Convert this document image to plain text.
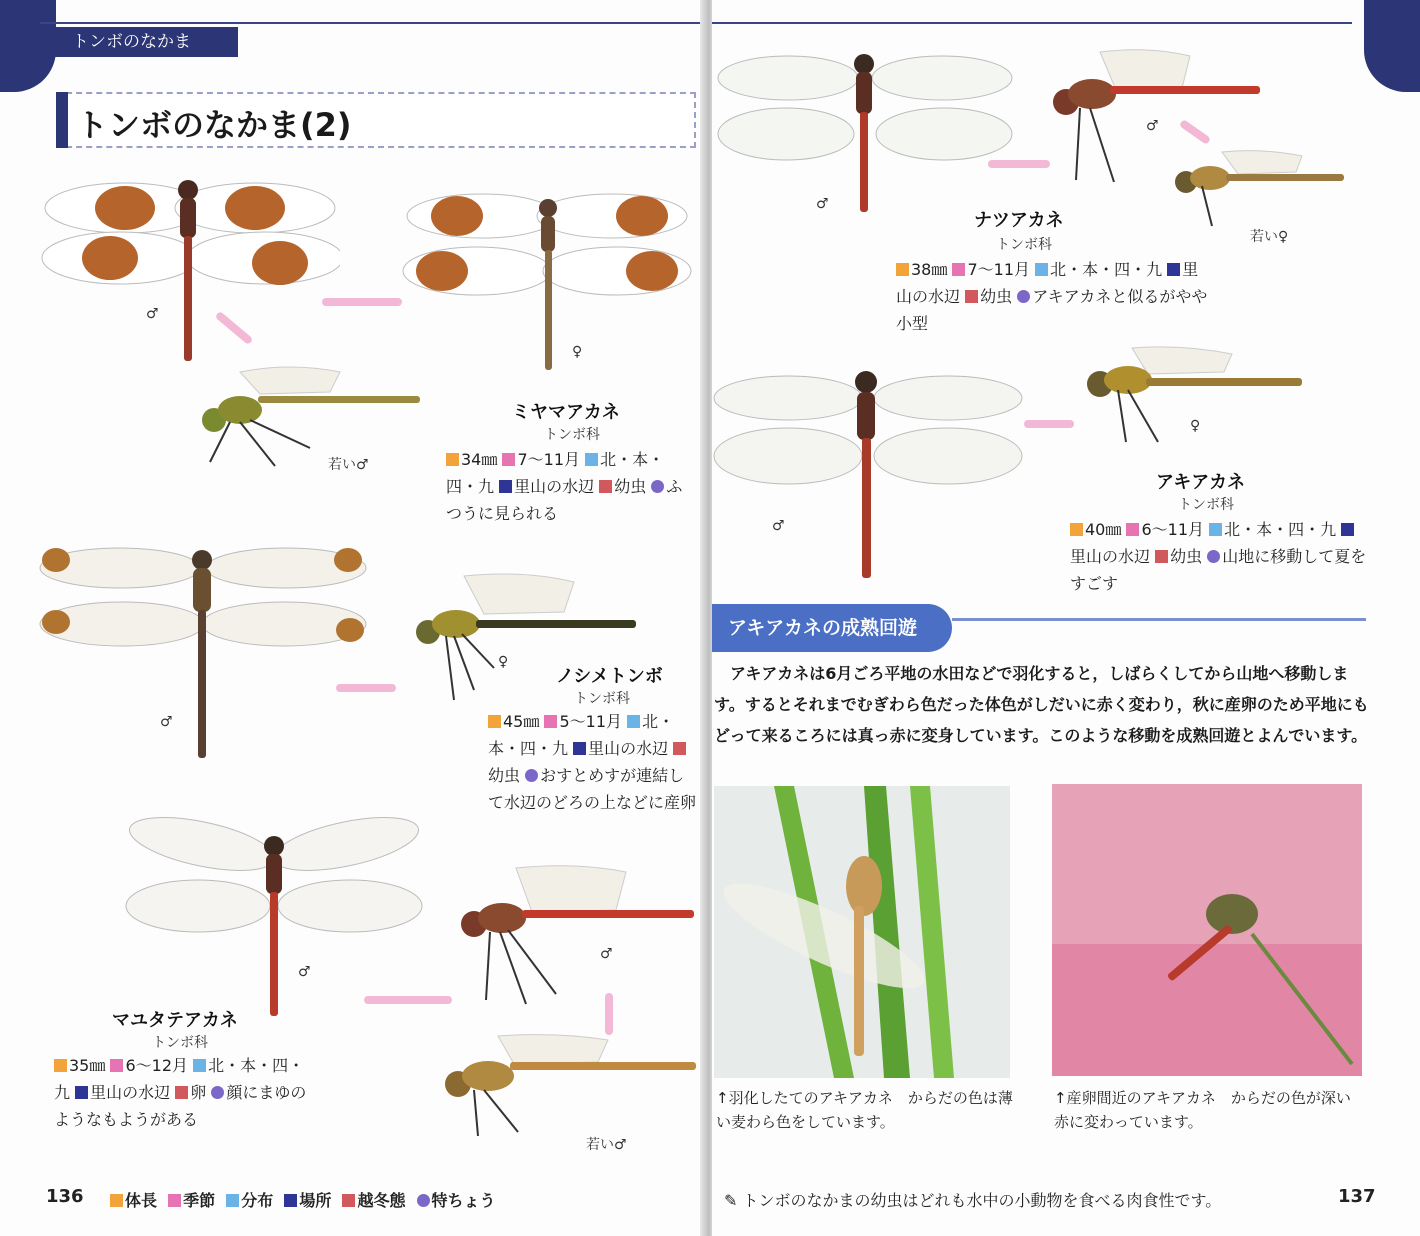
トンボのなかま
トンボのなかま(2)
♂
♀
若い♂
ミヤマアカネ
トンボ科
34㎜ 7～11月 北・本・四・九 里山の水辺 幼虫 ふつうに見られる
♂
♀
ノシメトンボ
トンボ科
45㎜ 5～11月 北・本・四・九 里山の水辺 幼虫 おすとめすが連結して水辺のどろの上などに産卵
♂
♂
若い♂
マユタテアカネ
トンボ科
35㎜ 6～12月 北・本・四・九 里山の水辺 卵 顔にまゆのようなもようがある
136	体長 季節 分布 場所 越冬態 特ちょう
♂
♂
若い♀
ナツアカネ
トンボ科
38㎜ 7～11月 北・本・四・九 里山の水辺 幼虫 アキアカネと似るがやや小型
♂
♀
アキアカネ
トンボ科
40㎜ 6～11月 北・本・四・九 里山の水辺 幼虫 山地に移動して夏をすごす
↑羽化したてのアキアカネ　からだの色は薄い麦わら色をしています。
↑産卵間近のアキアカネ　からだの色が深い赤に変わっています。
137
アキアカネの成熟回遊
アキアカネは6月ごろ平地の水田などで羽化すると，しばらくしてから山地へ移動します。するとそれまでむぎわら色だった体色がしだいに赤く変わり，秋に産卵のため平地にもどって来るころには真っ赤に変身しています。このような移動を成熟回遊とよんでいます。
✎ トンボのなかまの幼虫はどれも水中の小動物を食べる肉食性です。
